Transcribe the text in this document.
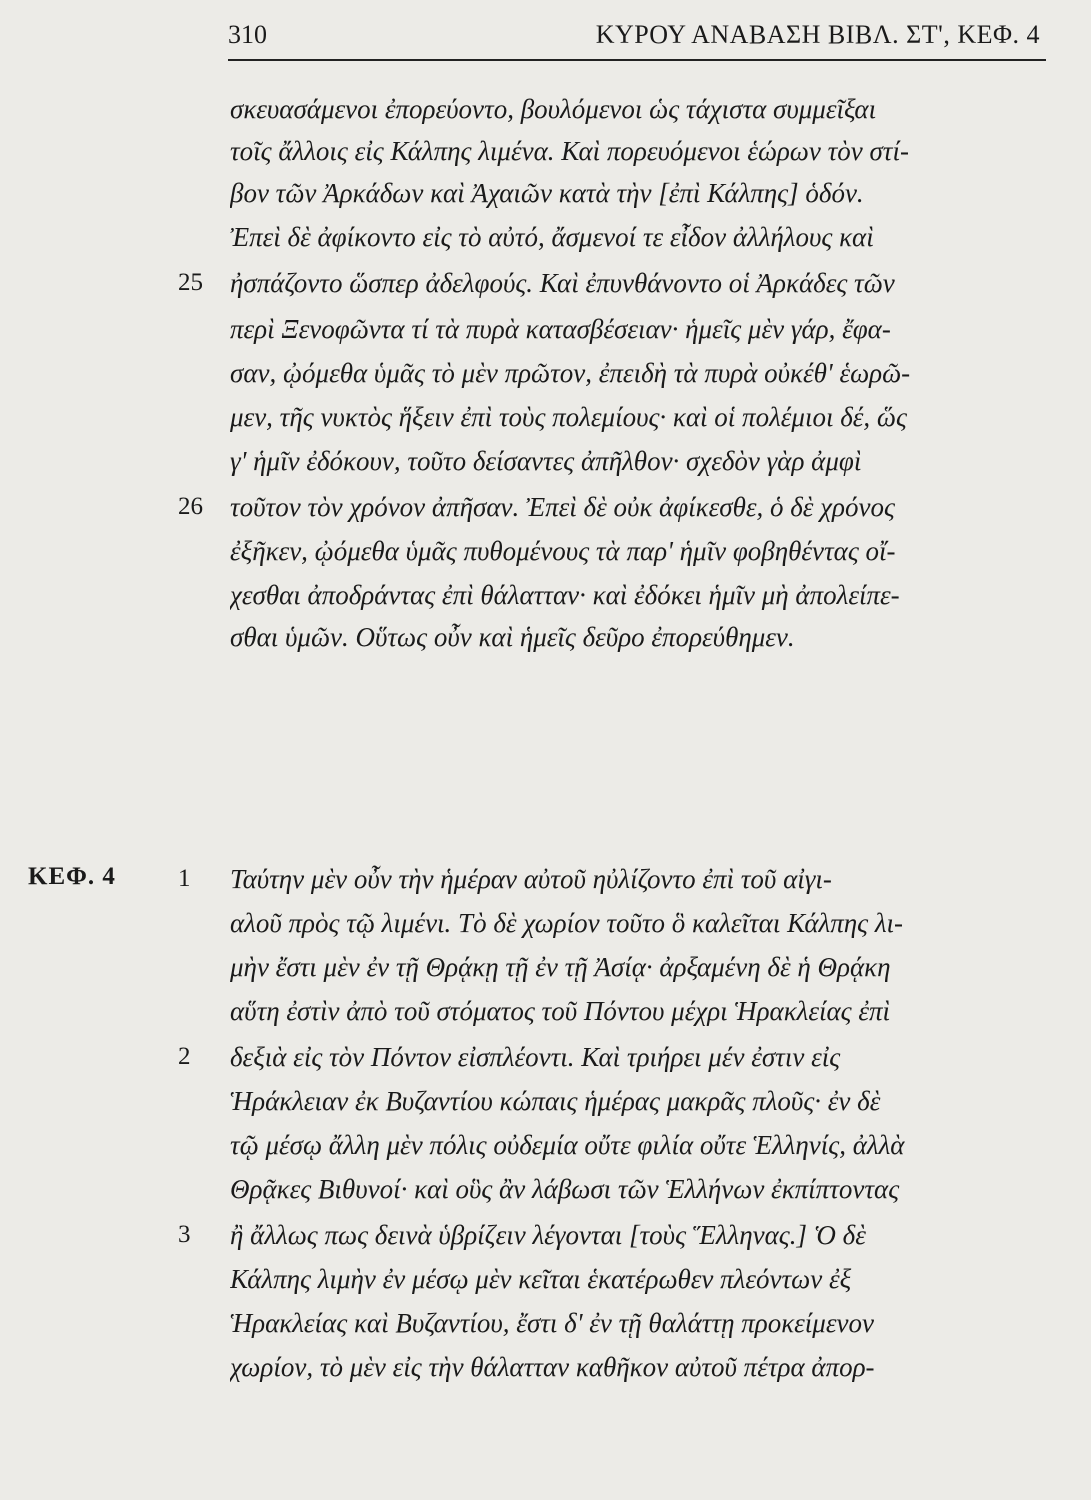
310	ΚΥΡΟΥ ΑΝΑΒΑΣΗ ΒΙΒΛ. ΣΤ', ΚΕΦ. 4
ΚΕΦ. 4
σκευασάμενοι ἐπορεύοντο, βουλόμενοι ὡς τάχιστα συμμεῖξαι
τοῖς ἄλλοις εἰς Κάλπης λιμένα. Καὶ πορευόμενοι ἑώρων τὸν στί-
βον τῶν Ἀρκάδων καὶ Ἀχαιῶν κατὰ τὴν [ἐπὶ Κάλπης] ὁδόν.
Ἐπεὶ δὲ ἀφίκοντο εἰς τὸ αὐτό, ἄσμενοί τε εἶδον ἀλλήλους καὶ
25	ἠσπάζοντο ὥσπερ ἀδελφούς. Καὶ ἐπυνθάνοντο οἱ Ἀρκάδες τῶν
περὶ Ξενοφῶντα τί τὰ πυρὰ κατασβέσειαν· ἡμεῖς μὲν γάρ, ἔφα-
σαν, ᾠόμεθα ὑμᾶς τὸ μὲν πρῶτον, ἐπειδὴ τὰ πυρὰ οὐκέθ' ἑωρῶ-
μεν, τῆς νυκτὸς ἥξειν ἐπὶ τοὺς πολεμίους· καὶ οἱ πολέμιοι δέ, ὥς
γ' ἡμῖν ἐδόκουν, τοῦτο δείσαντες ἀπῆλθον· σχεδὸν γὰρ ἀμφὶ
26	τοῦτον τὸν χρόνον ἀπῆσαν. Ἐπεὶ δὲ οὐκ ἀφίκεσθε, ὁ δὲ χρόνος
ἐξῆκεν, ᾠόμεθα ὑμᾶς πυθομένους τὰ παρ' ἡμῖν φοβηθέντας οἴ-
χεσθαι ἀποδράντας ἐπὶ θάλατταν· καὶ ἐδόκει ἡμῖν μὴ ἀπολείπε-
σθαι ὑμῶν. Οὕτως οὖν καὶ ἡμεῖς δεῦρο ἐπορεύθημεν.
1	Ταύτην μὲν οὖν τὴν ἡμέραν αὐτοῦ ηὐλίζοντο ἐπὶ τοῦ αἰγι-
αλοῦ πρὸς τῷ λιμένι. Τὸ δὲ χωρίον τοῦτο ὃ καλεῖται Κάλπης λι-
μὴν ἔστι μὲν ἐν τῇ Θρᾴκῃ τῇ ἐν τῇ Ἀσίᾳ· ἀρξαμένη δὲ ἡ Θρᾴκη
αὕτη ἐστὶν ἀπὸ τοῦ στόματος τοῦ Πόντου μέχρι Ἡρακλείας ἐπὶ
2	δεξιὰ εἰς τὸν Πόντον εἰσπλέοντι. Καὶ τριήρει μέν ἐστιν εἰς
Ἡράκλειαν ἐκ Βυζαντίου κώπαις ἡμέρας μακρᾶς πλοῦς· ἐν δὲ
τῷ μέσῳ ἄλλη μὲν πόλις οὐδεμία οὔτε φιλία οὔτε Ἑλληνίς, ἀλλὰ
Θρᾷκες Βιθυνοί· καὶ οὓς ἂν λάβωσι τῶν Ἑλλήνων ἐκπίπτοντας
3	ἢ ἄλλως πως δεινὰ ὑβρίζειν λέγονται [τοὺς Ἕλληνας.] Ὁ δὲ
Κάλπης λιμὴν ἐν μέσῳ μὲν κεῖται ἑκατέρωθεν πλεόντων ἐξ
Ἡρακλείας καὶ Βυζαντίου, ἔστι δ' ἐν τῇ θαλάττῃ προκείμενον
χωρίον, τὸ μὲν εἰς τὴν θάλατταν καθῆκον αὐτοῦ πέτρα ἀπορ-
